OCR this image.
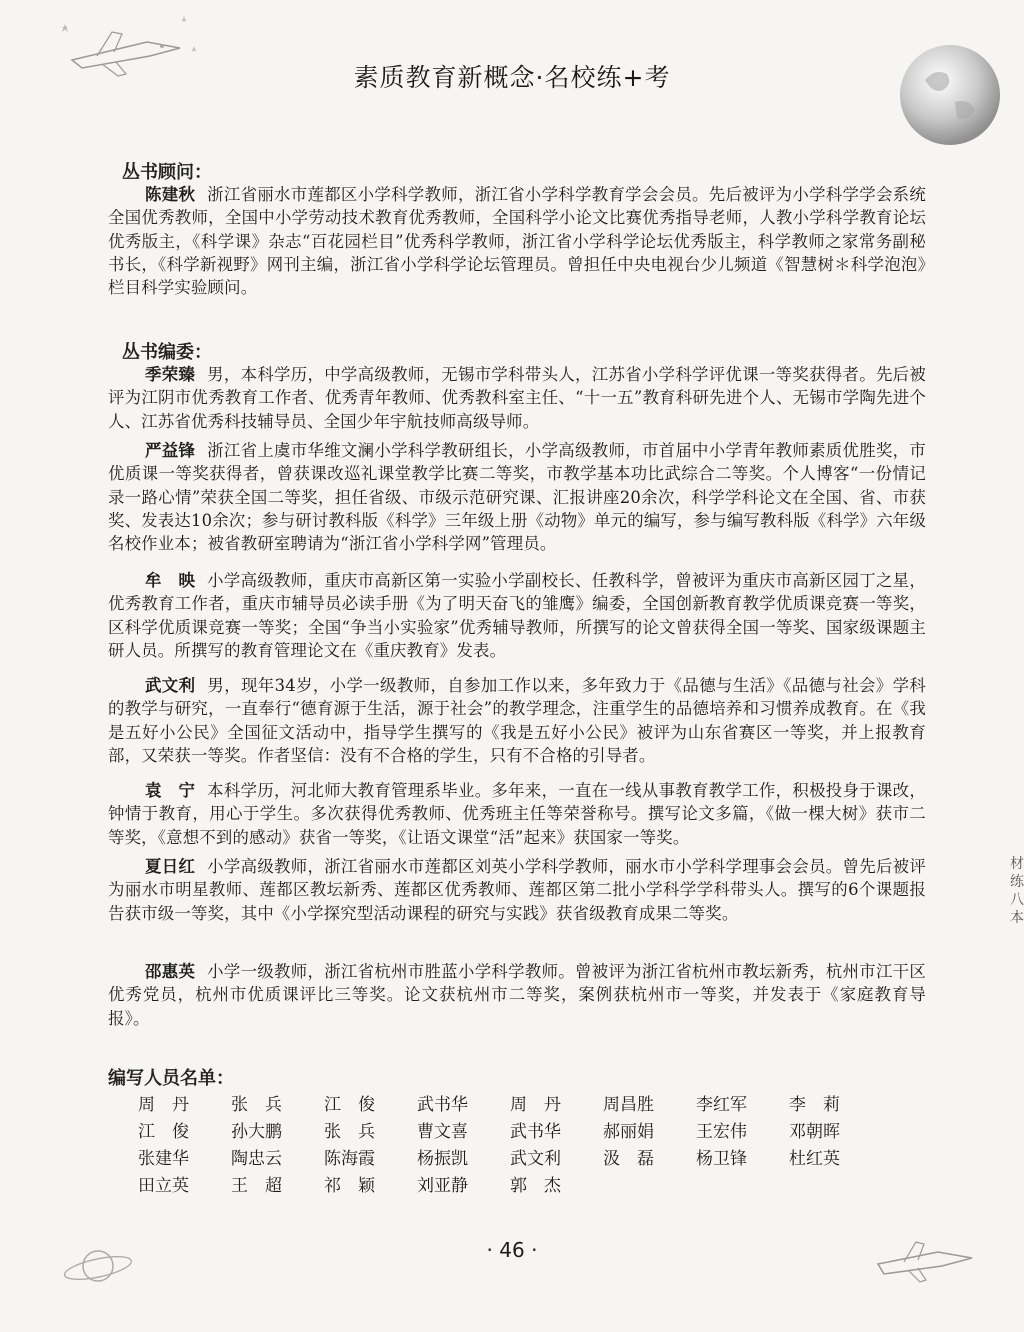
素质教育新概念·名校练+考
丛书顾问：
陈建秋 浙江省丽水市莲都区小学科学教师，浙江省小学科学教育学会会员。先后被评为小学科学学会系统全国优秀教师，全国中小学劳动技术教育优秀教师，全国科学小论文比赛优秀指导老师，人教小学科学教育论坛优秀版主，《科学课》杂志“百花园栏目”优秀科学教师，浙江省小学科学论坛优秀版主，科学教师之家常务副秘书长，《科学新视野》网刊主编，浙江省小学科学论坛管理员。曾担任中央电视台少儿频道《智慧树＊科学泡泡》栏目科学实验顾问。
丛书编委：
季荣臻 男，本科学历，中学高级教师，无锡市学科带头人，江苏省小学科学评优课一等奖获得者。先后被评为江阴市优秀教育工作者、优秀青年教师、优秀教科室主任、“十一五”教育科研先进个人、无锡市学陶先进个人、江苏省优秀科技辅导员、全国少年宇航技师高级导师。
严益锋 浙江省上虞市华维文澜小学科学教研组长，小学高级教师，市首届中小学青年教师素质优胜奖，市优质课一等奖获得者，曾获课改巡礼课堂教学比赛二等奖，市教学基本功比武综合二等奖。个人博客“一份情记录一路心情”荣获全国二等奖，担任省级、市级示范研究课、汇报讲座20余次，科学学科论文在全国、省、市获奖、发表达10余次；参与研讨教科版《科学》三年级上册《动物》单元的编写，参与编写教科版《科学》六年级名校作业本；被省教研室聘请为“浙江省小学科学网”管理员。
牟　映 小学高级教师，重庆市高新区第一实验小学副校长、任教科学，曾被评为重庆市高新区园丁之星，优秀教育工作者，重庆市辅导员必读手册《为了明天奋飞的雏鹰》编委，全国创新教育教学优质课竞赛一等奖，区科学优质课竞赛一等奖；全国“争当小实验家”优秀辅导教师，所撰写的论文曾获得全国一等奖、国家级课题主研人员。所撰写的教育管理论文在《重庆教育》发表。
武文利 男，现年34岁，小学一级教师，自参加工作以来，多年致力于《品德与生活》《品德与社会》学科的教学与研究，一直奉行“德育源于生活，源于社会”的教学理念，注重学生的品德培养和习惯养成教育。在《我是五好小公民》全国征文活动中，指导学生撰写的《我是五好小公民》被评为山东省赛区一等奖，并上报教育部，又荣获一等奖。作者坚信：没有不合格的学生，只有不合格的引导者。
袁　宁 本科学历，河北师大教育管理系毕业。多年来，一直在一线从事教育教学工作，积极投身于课改，钟情于教育，用心于学生。多次获得优秀教师、优秀班主任等荣誉称号。撰写论文多篇，《做一棵大树》获市二等奖，《意想不到的感动》获省一等奖，《让语文课堂“活”起来》获国家一等奖。
夏日红 小学高级教师，浙江省丽水市莲都区刘英小学科学教师，丽水市小学科学理事会会员。曾先后被评为丽水市明星教师、莲都区教坛新秀、莲都区优秀教师、莲都区第二批小学科学学科带头人。撰写的6个课题报告获市级一等奖，其中《小学探究型活动课程的研究与实践》获省级教育成果二等奖。
邵惠英 小学一级教师，浙江省杭州市胜蓝小学科学教师。曾被评为浙江省杭州市教坛新秀，杭州市江干区优秀党员，杭州市优质课评比三等奖。论文获杭州市二等奖，案例获杭州市一等奖，并发表于《家庭教育导报》。
编写人员名单：
周　丹	张　兵	江　俊	武书华	周　丹	周昌胜	李红军	李　莉
江　俊	孙大鹏	张　兵	曹文喜	武书华	郝丽娟	王宏伟	邓朝晖
张建华	陶忠云	陈海霞	杨振凯	武文利	汲　磊	杨卫锋	杜红英
田立英	王　超	祁　颖	刘亚静	郭　杰
· 46 ·
材
练
八
本
